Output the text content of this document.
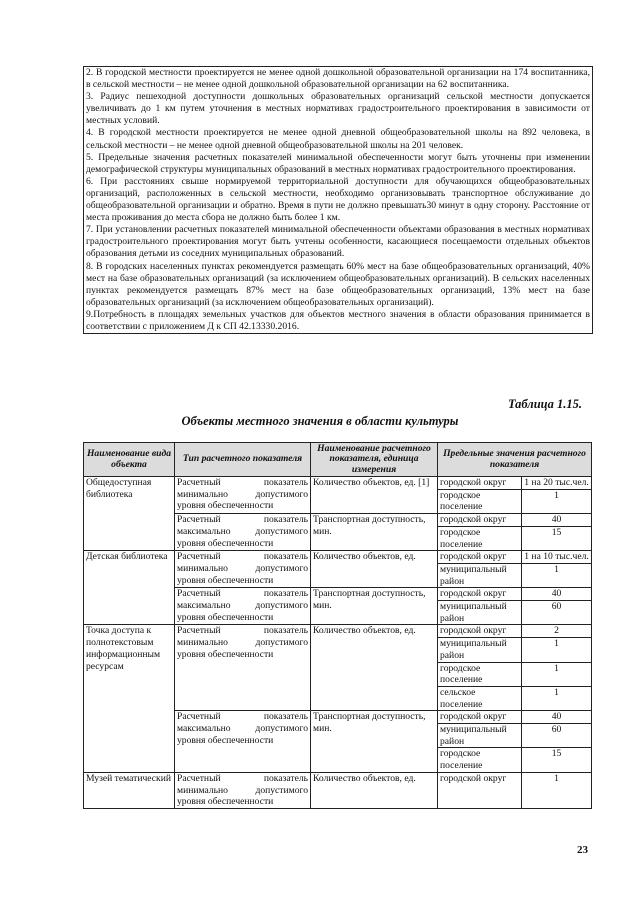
2. В городской местности проектируется не менее одной дошкольной образовательной организации на 174 воспитанника, в сельской местности – не менее одной дошкольной образовательной организации на 62 воспитанника.
3. Радиус пешеходной доступности дошкольных образовательных организаций сельской местности допускается увеличивать до 1 км путем уточнения в местных нормативах градостроительного проектирования в зависимости от местных условий.
4. В городской местности проектируется не менее одной дневной общеобразовательной школы на 892 человека, в сельской местности – не менее одной дневной общеобразовательной школы на 201 человек.
5. Предельные значения расчетных показателей минимальной обеспеченности могут быть уточнены при изменении демографической структуры муниципальных образований в местных нормативах градостроительного проектирования.
6. При расстояниях свыше нормируемой территориальной доступности для обучающихся общеобразовательных организаций, расположенных в сельской местности, необходимо организовывать транспортное обслуживание до общеобразовательной организации и обратно. Время в пути не должно превышать30 минут в одну сторону. Расстояние от места проживания до места сбора не должно быть более 1 км.
7. При установлении расчетных показателей минимальной обеспеченности объектами образования в местных нормативах градостроительного проектирования могут быть учтены особенности, касающиеся посещаемости отдельных объектов образования детьми из соседних муниципальных образований.
8. В городских населенных пунктах рекомендуется размещать 60% мест на базе общеобразовательных организаций, 40% мест на базе образовательных организаций (за исключением общеобразовательных организаций). В сельских населенных пунктах рекомендуется размещать 87% мест на базе общеобразовательных организаций, 13% мест на базе образовательных организаций (за исключением общеобразовательных организаций).
9.Потребность в площадях земельных участков для объектов местного значения в области образования принимается в соответствии с приложением Д к СП 42.13330.2016.
Таблица 1.15.
Объекты местного значения в области культуры
Наименование вида объекта	Тип расчетного показателя	Наименование расчетного показателя, единица измерения	Предельные значения расчетного показателя	
Общедоступная библиотека	Расчетный показатель минимально допустимого уровня обеспеченности	Количество объектов, ед. [1]	городской округ	1 на 20 тыс.чел.
			городское поселение	1
	Расчетный показатель максимально допустимого уровня обеспеченности	Транспортная доступность, мин.	городской округ	40
			городское поселение	15
Детская библиотека	Расчетный показатель минимально допустимого уровня обеспеченности	Количество объектов, ед.	городской округ	1 на 10 тыс.чел.
			муниципальный район	1
	Расчетный показатель максимально допустимого уровня обеспеченности	Транспортная доступность, мин.	городской округ	40
			муниципальный район	60
Точка доступа к полнотекстовым информационным ресурсам	Расчетный показатель минимально допустимого уровня обеспеченности	Количество объектов, ед.	городской округ	2
			муниципальный район	1
			городское поселение	1
			сельское поселение	1
	Расчетный показатель максимально допустимого уровня обеспеченности	Транспортная доступность, мин.	городской округ	40
			муниципальный район	60
			городское поселение	15
Музей тематический	Расчетный показатель минимально допустимого уровня обеспеченности	Количество объектов, ед.	городской округ	1
23
